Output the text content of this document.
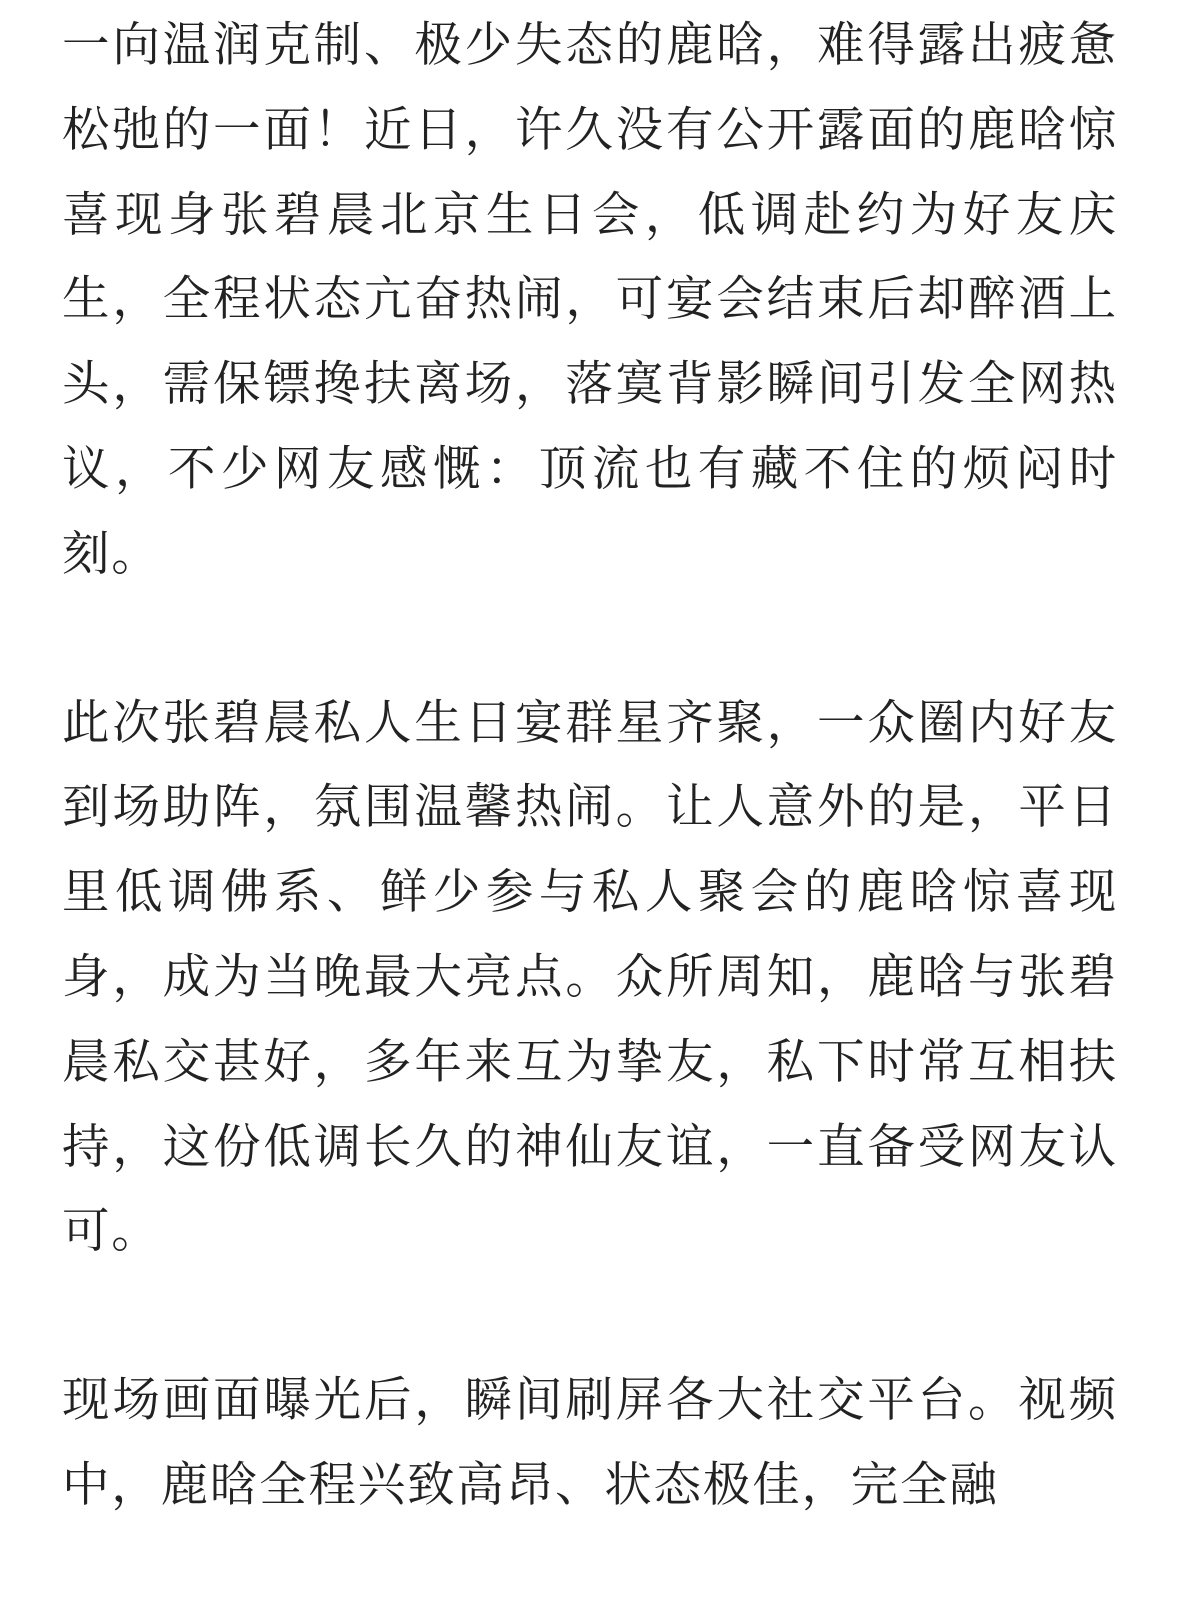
一向温润克制、极少失态的鹿晗，难得露出疲惫松弛的一面！近日，许久没有公开露面的鹿晗惊喜现身张碧晨北京生日会，低调赴约为好友庆生，全程状态亢奋热闹，可宴会结束后却醉酒上头，需保镖搀扶离场，落寞背影瞬间引发全网热议，不少网友感慨：顶流也有藏不住的烦闷时刻。

此次张碧晨私人生日宴群星齐聚，一众圈内好友到场助阵，氛围温馨热闹。让人意外的是，平日里低调佛系、鲜少参与私人聚会的鹿晗惊喜现身，成为当晚最大亮点。众所周知，鹿晗与张碧晨私交甚好，多年来互为挚友，私下时常互相扶持，这份低调长久的神仙友谊，一直备受网友认可。

现场画面曝光后，瞬间刷屏各大社交平台。视频中，鹿晗全程兴致高昂、状态极佳，完全融
